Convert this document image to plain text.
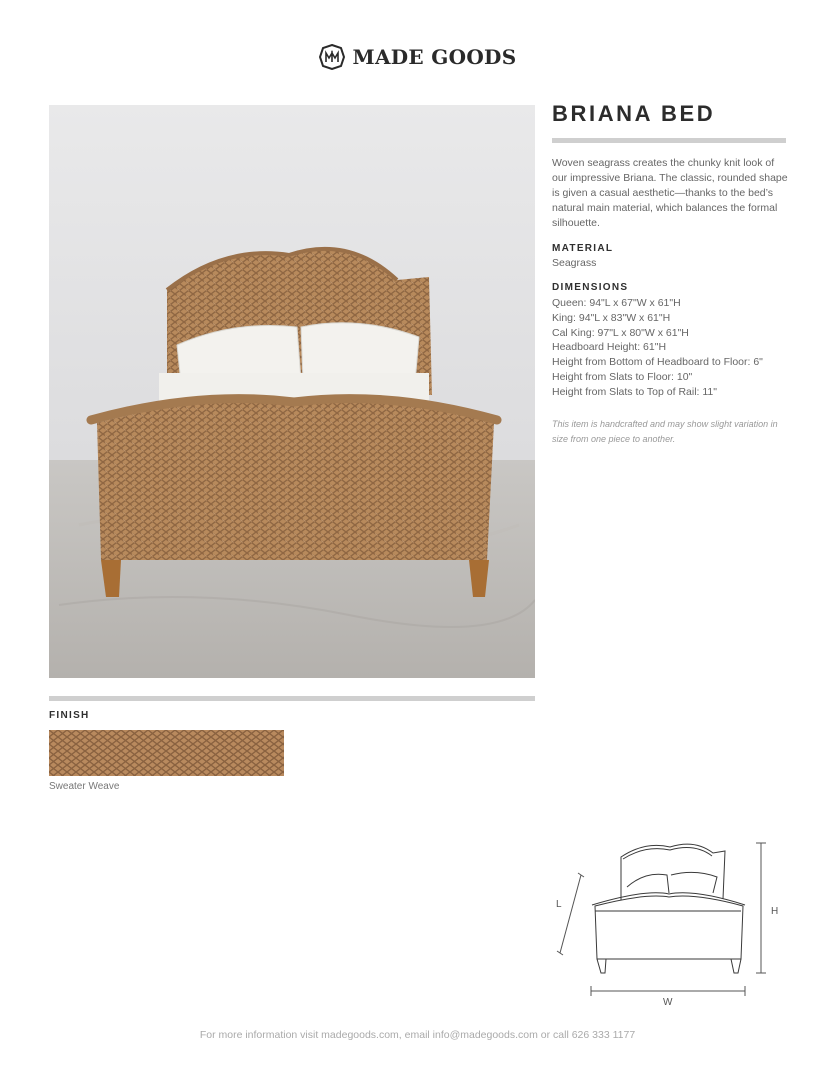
MADE GOODS
FINISH
Sweater Weave
BRIANA BED

Woven seagrass creates the chunky knit look of our impressive Briana. The classic, rounded shape is given a casual aesthetic—thanks to the bed’s natural main material, which balances the formal silhouette.

MATERIAL
Seagrass
DIMENSIONS
Queen: 94"L x 67"W x 61"H
King: 94"L x 83"W x 61"H
Cal King: 97"L x 80"W x 61"H
Headboard Height: 61"H
Height from Bottom of Headboard to Floor: 6"
Height from Slats to Floor: 10"
Height from Slats to Top of Rail: 11"

This item is handcrafted and may show slight variation in size from one piece to another.

L
H
W
For more information visit madegoods.com, email info@madegoods.com or call 626 333 1177
